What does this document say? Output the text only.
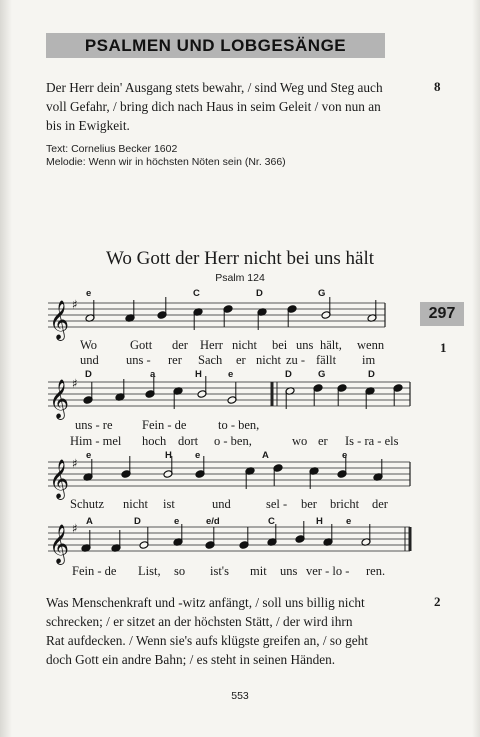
PSALMEN UND LOBGESÄNGE
Der Herr dein' Ausgang stets bewahr, / sind Weg und Steg auch
voll Gefahr, / bring dich nach Haus in seim Geleit / von nun an
bis in Ewigkeit.
8
Text: Cornelius Becker 1602
Melodie: Wenn wir in höchsten Nöten sein (Nr. 366)
Wo Gott der Herr nicht bei uns hält
Psalm 124
297
1
𝄞 ♯
𝄞 ♯
𝄞 ♯
𝄞 ♯
e	C	D	G
Wo	Gott der Herr nicht bei uns hält, wenn
und uns - rer Sach er nicht zu - fällt im
D	a	H	e	D	G	D
uns - re Fein - de	to - ben,
Him - mel hoch dort o - ben,	wo er Is - ra - els
e	H e	A	e
Schutz nicht ist	und	sel - ber bricht der
A	D	e	e/d	C	H e
Fein - de List, so ist's mit uns ver - lo - ren.
Was Menschenkraft und -witz anfängt, / soll uns billig nicht
schrecken; / er sitzet an der höchsten Stätt, / der wird ihrn
Rat aufdecken. / Wenn sie's aufs klügste greifen an, / so geht
doch Gott ein andre Bahn; / es steht in seinen Händen.
2
553
